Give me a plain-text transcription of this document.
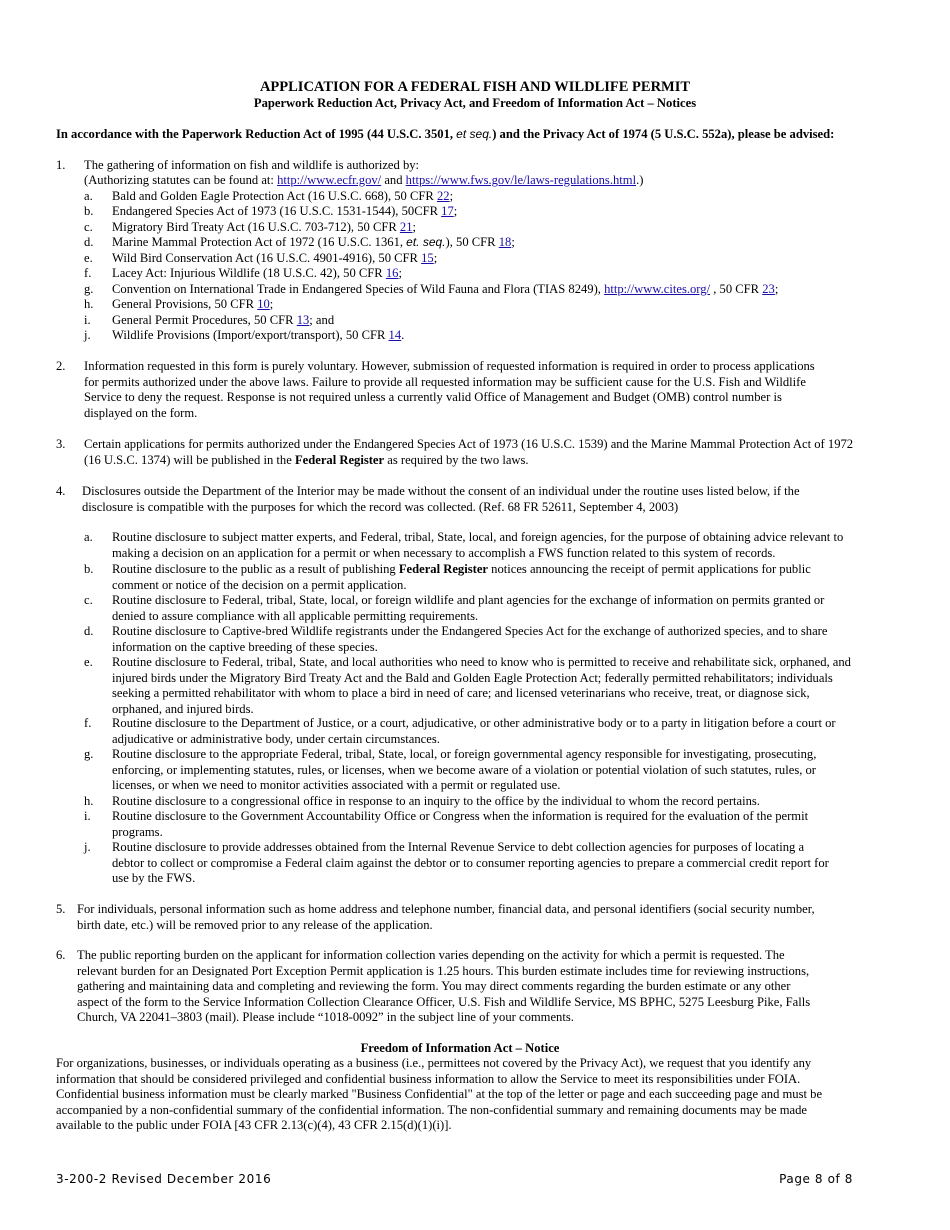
APPLICATION FOR A FEDERAL FISH AND WILDLIFE PERMIT
Paperwork Reduction Act, Privacy Act, and Freedom of Information Act – Notices
In accordance with the Paperwork Reduction Act of 1995 (44 U.S.C. 3501, et seq.) and the Privacy Act of 1974 (5 U.S.C. 552a), please be advised:
1. The gathering of information on fish and wildlife is authorized by:
(Authorizing statutes can be found at: http://www.ecfr.gov/ and https://www.fws.gov/le/laws-regulations.html.)
a. Bald and Golden Eagle Protection Act (16 U.S.C. 668), 50 CFR 22;
b. Endangered Species Act of 1973 (16 U.S.C. 1531-1544), 50CFR 17;
c. Migratory Bird Treaty Act (16 U.S.C. 703-712), 50 CFR 21;
d. Marine Mammal Protection Act of 1972 (16 U.S.C. 1361, et. seq.), 50 CFR 18;
e. Wild Bird Conservation Act (16 U.S.C. 4901-4916), 50 CFR 15;
f. Lacey Act: Injurious Wildlife (18 U.S.C. 42), 50 CFR 16;
g. Convention on International Trade in Endangered Species of Wild Fauna and Flora (TIAS 8249), http://www.cites.org/ , 50 CFR 23;
h. General Provisions, 50 CFR 10;
i. General Permit Procedures, 50 CFR 13; and
j. Wildlife Provisions (Import/export/transport), 50 CFR 14.
2. Information requested in this form is purely voluntary. However, submission of requested information is required in order to process applications
for permits authorized under the above laws. Failure to provide all requested information may be sufficient cause for the U.S. Fish and Wildlife
Service to deny the request. Response is not required unless a currently valid Office of Management and Budget (OMB) control number is
displayed on the form.
3. Certain applications for permits authorized under the Endangered Species Act of 1973 (16 U.S.C. 1539) and the Marine Mammal Protection Act of 1972
(16 U.S.C. 1374) will be published in the Federal Register as required by the two laws.
4. Disclosures outside the Department of the Interior may be made without the consent of an individual under the routine uses listed below, if the
disclosure is compatible with the purposes for which the record was collected. (Ref. 68 FR 52611, September 4, 2003)
a. Routine disclosure to subject matter experts, and Federal, tribal, State, local, and foreign agencies, for the purpose of obtaining advice relevant to
making a decision on an application for a permit or when necessary to accomplish a FWS function related to this system of records.
b. Routine disclosure to the public as a result of publishing Federal Register notices announcing the receipt of permit applications for public
comment or notice of the decision on a permit application.
c. Routine disclosure to Federal, tribal, State, local, or foreign wildlife and plant agencies for the exchange of information on permits granted or
denied to assure compliance with all applicable permitting requirements.
d. Routine disclosure to Captive-bred Wildlife registrants under the Endangered Species Act for the exchange of authorized species, and to share
information on the captive breeding of these species.
e. Routine disclosure to Federal, tribal, State, and local authorities who need to know who is permitted to receive and rehabilitate sick, orphaned, and
injured birds under the Migratory Bird Treaty Act and the Bald and Golden Eagle Protection Act; federally permitted rehabilitators; individuals
seeking a permitted rehabilitator with whom to place a bird in need of care; and licensed veterinarians who receive, treat, or diagnose sick,
orphaned, and injured birds.
f. Routine disclosure to the Department of Justice, or a court, adjudicative, or other administrative body or to a party in litigation before a court or
adjudicative or administrative body, under certain circumstances.
g. Routine disclosure to the appropriate Federal, tribal, State, local, or foreign governmental agency responsible for investigating, prosecuting,
enforcing, or implementing statutes, rules, or licenses, when we become aware of a violation or potential violation of such statutes, rules, or
licenses, or when we need to monitor activities associated with a permit or regulated use.
h. Routine disclosure to a congressional office in response to an inquiry to the office by the individual to whom the record pertains.
i. Routine disclosure to the Government Accountability Office or Congress when the information is required for the evaluation of the permit
programs.
j. Routine disclosure to provide addresses obtained from the Internal Revenue Service to debt collection agencies for purposes of locating a
debtor to collect or compromise a Federal claim against the debtor or to consumer reporting agencies to prepare a commercial credit report for
use by the FWS.
5. For individuals, personal information such as home address and telephone number, financial data, and personal identifiers (social security number,
birth date, etc.) will be removed prior to any release of the application.
6. The public reporting burden on the applicant for information collection varies depending on the activity for which a permit is requested. The
relevant burden for an Designated Port Exception Permit application is 1.25 hours. This burden estimate includes time for reviewing instructions,
gathering and maintaining data and completing and reviewing the form. You may direct comments regarding the burden estimate or any other
aspect of the form to the Service Information Collection Clearance Officer, U.S. Fish and Wildlife Service, MS BPHC, 5275 Leesburg Pike, Falls
Church, VA 22041–3803 (mail). Please include “1018-0092” in the subject line of your comments.
Freedom of Information Act – Notice
For organizations, businesses, or individuals operating as a business (i.e., permittees not covered by the Privacy Act), we request that you identify any
information that should be considered privileged and confidential business information to allow the Service to meet its responsibilities under FOIA.
Confidential business information must be clearly marked "Business Confidential" at the top of the letter or page and each succeeding page and must be
accompanied by a non-confidential summary of the confidential information. The non-confidential summary and remaining documents may be made
available to the public under FOIA [43 CFR 2.13(c)(4), 43 CFR 2.15(d)(1)(i)].
3-200-2 Revised December 2016	Page 8 of 8
